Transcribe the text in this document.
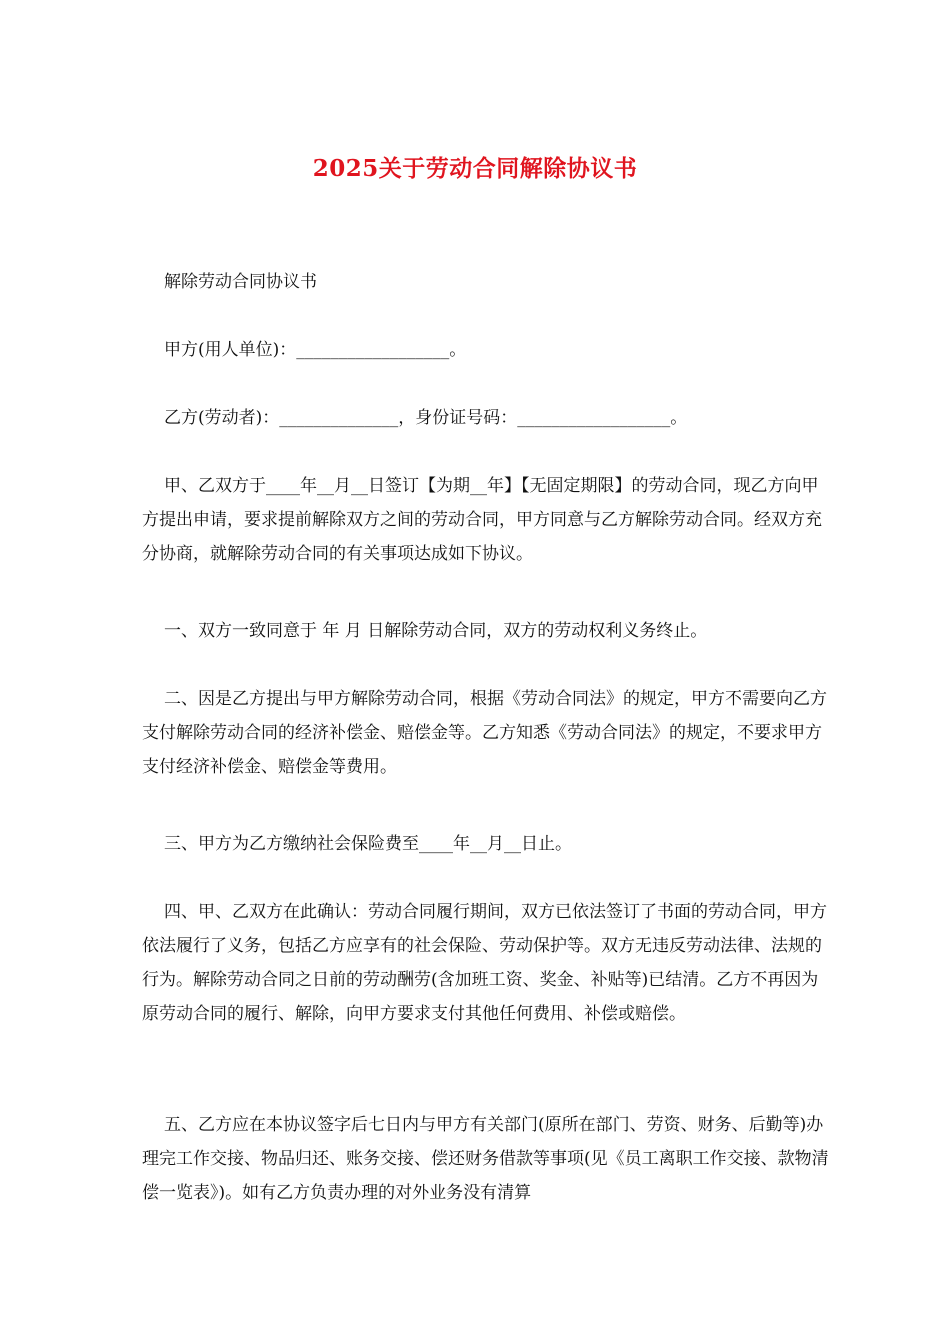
2025关于劳动合同解除协议书
解除劳动合同协议书
甲方(用人单位)：__________________。
乙方(劳动者)：______________，身份证号码：__________________。
甲、乙双方于____年__月__日签订【为期__年】【无固定期限】的劳动合同，现乙方向甲方提出申请，要求提前解除双方之间的劳动合同，甲方同意与乙方解除劳动合同。经双方充分协商，就解除劳动合同的有关事项达成如下协议。
一、双方一致同意于 年 月 日解除劳动合同，双方的劳动权利义务终止。
二、因是乙方提出与甲方解除劳动合同，根据《劳动合同法》的规定，甲方不需要向乙方支付解除劳动合同的经济补偿金、赔偿金等。乙方知悉《劳动合同法》的规定，不要求甲方支付经济补偿金、赔偿金等费用。
三、甲方为乙方缴纳社会保险费至____年__月__日止。
四、甲、乙双方在此确认：劳动合同履行期间，双方已依法签订了书面的劳动合同，甲方依法履行了义务，包括乙方应享有的社会保险、劳动保护等。双方无违反劳动法律、法规的行为。解除劳动合同之日前的劳动酬劳(含加班工资、奖金、补贴等)已结清。乙方不再因为原劳动合同的履行、解除，向甲方要求支付其他任何费用、补偿或赔偿。
五、乙方应在本协议签字后七日内与甲方有关部门(原所在部门、劳资、财务、后勤等)办理完工作交接、物品归还、账务交接、偿还财务借款等事项(见《员工离职工作交接、款物清偿一览表》)。如有乙方负责办理的对外业务没有清算
